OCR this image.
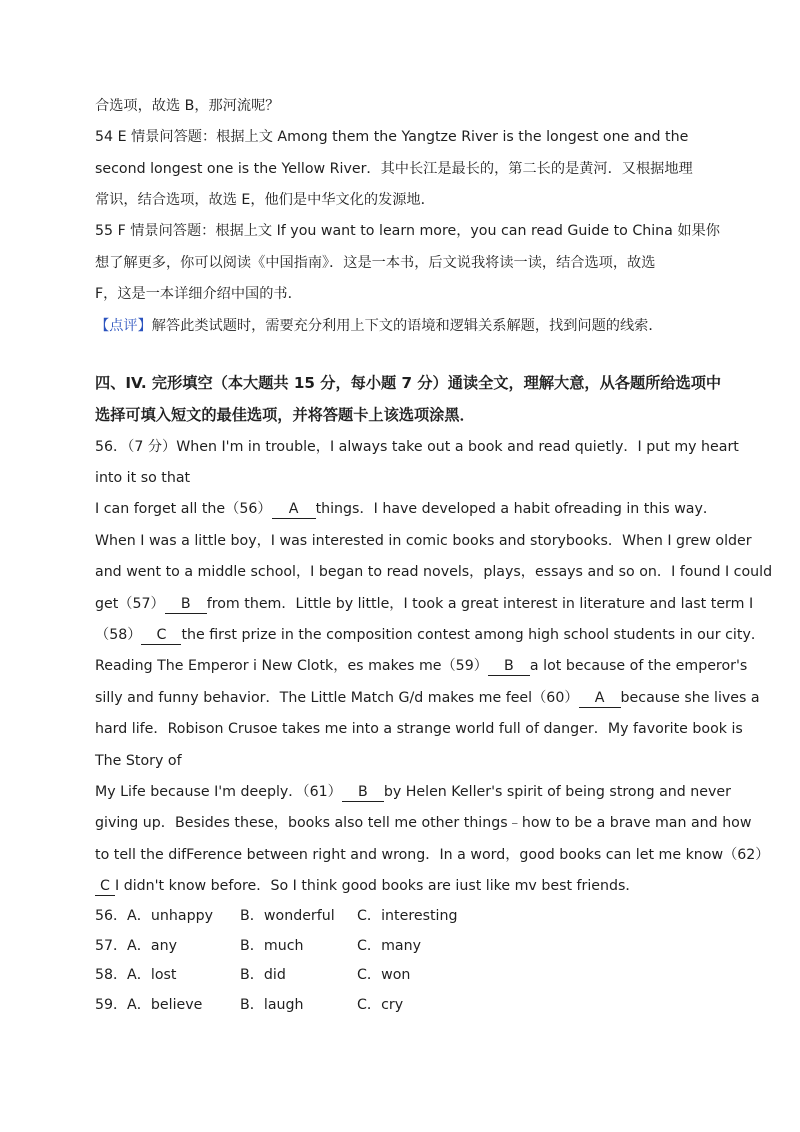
合选项，故选 B，那河流呢？
54 E 情景问答题：根据上文 Among them the Yangtze River is the longest one and the
second longest one is the Yellow River．其中长江是最长的，第二长的是黄河．又根据地理
常识，结合选项，故选 E，他们是中华文化的发源地．
55 F 情景问答题：根据上文 If you want to learn more，you can read Guide to China 如果你
想了解更多，你可以阅读《中国指南》．这是一本书，后文说我将读一读，结合选项，故选
F，这是一本详细介绍中国的书．
【点评】解答此类试题时，需要充分利用上下文的语境和逻辑关系解题，找到问题的线索．
四、IV. 完形填空（本大题共 15 分，每小题 7 分）通读全文，理解大意，从各题所给选项中
选择可填入短文的最佳选项，并将答题卡上该选项涂黑．
56．（7 分）When I'm in trouble，I always take out a book and read quietly．I put my heart
into it so that
I can forget all the（56） A things．I have developed a habit ofreading in this way．
When I was a little boy，I was interested in comic books and storybooks．When I grew older
and went to a middle school，I began to read novels，plays，essays and so on．I found I could
get（57） B from them．Little by little，I took a great interest in literature and last term I
（58） C the first prize in the composition contest among high school students in our city．
Reading The Emperor i New Clotk，es makes me（59） B a lot because of the emperor's
silly and funny behavior．The Little Match G/d makes me feel（60） A because she lives a
hard life．Robison Crusoe takes me into a strange world full of danger．My favorite book is
The Story of
My Life because I'm deeply．（61） B by Helen Keller's spirit of being strong and never
giving up．Besides these，books also tell me other things﹣how to be a brave man and how
to tell the difFerence between right and wrong．In a word，good books can let me know（62）
C I didn't know before．So I think good books are iust like mv best friends．
56． A．unhappy B．wonderful C．interesting
57． A．any	B．much	C．many
58． A．lost	B．did	C．won
59． A．believe	B．laugh	C．cry
